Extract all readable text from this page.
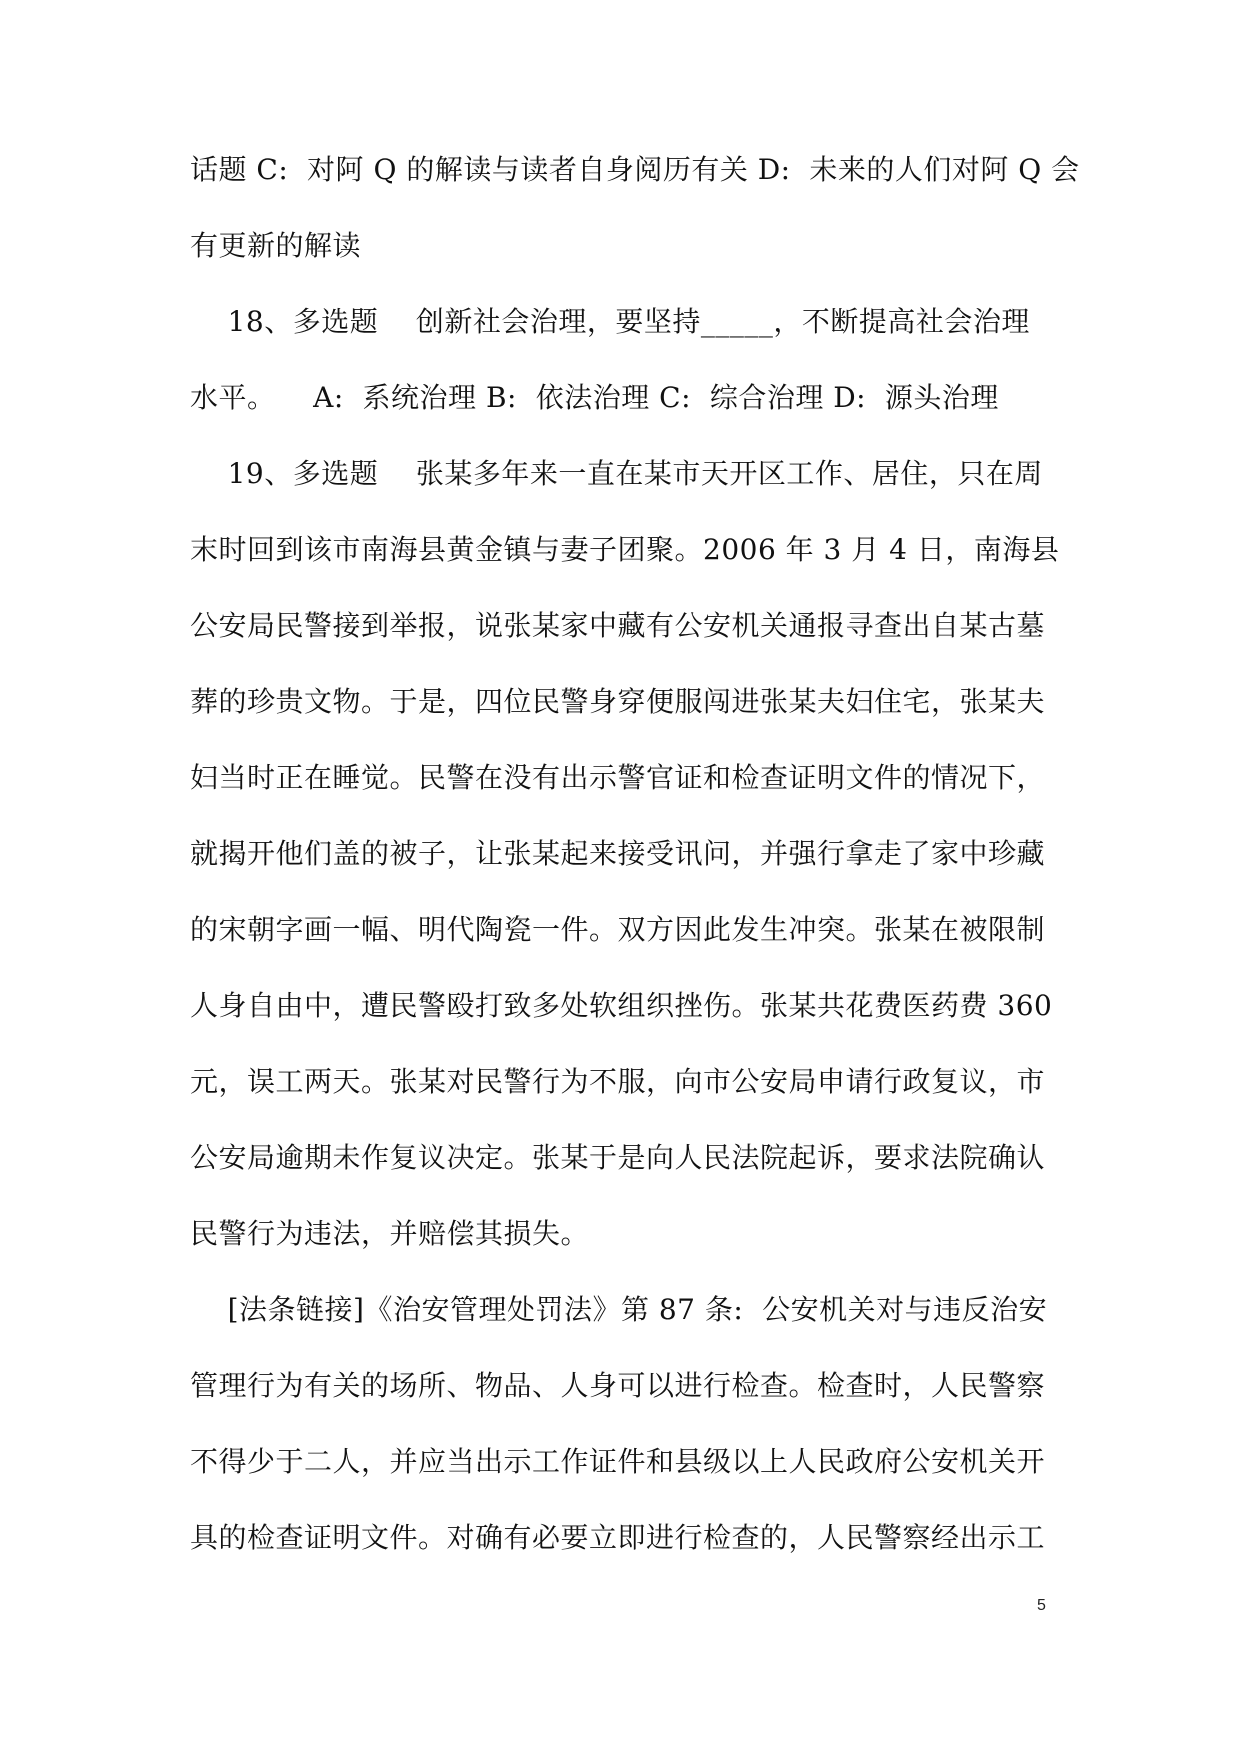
话题 C:  对阿 Q 的解读与读者自身阅历有关 D:  未来的人们对阿 Q 会
有更新的解读
18、多选题    创新社会治理，要坚持_____，不断提高社会治理
水平。    A:  系统治理 B:  依法治理 C:  综合治理 D:  源头治理
19、多选题    张某多年来一直在某市天开区工作、居住，只在周
末时回到该市南海县黄金镇与妻子团聚。2006 年 3 月 4 日，南海县
公安局民警接到举报，说张某家中藏有公安机关通报寻查出自某古墓
葬的珍贵文物。于是，四位民警身穿便服闯进张某夫妇住宅，张某夫
妇当时正在睡觉。民警在没有出示警官证和检查证明文件的情况下，
就揭开他们盖的被子，让张某起来接受讯问，并强行拿走了家中珍藏
的宋朝字画一幅、明代陶瓷一件。双方因此发生冲突。张某在被限制
人身自由中，遭民警殴打致多处软组织挫伤。张某共花费医药费 360
元，误工两天。张某对民警行为不服，向市公安局申请行政复议，市
公安局逾期未作复议决定。张某于是向人民法院起诉，要求法院确认
民警行为违法，并赔偿其损失。
[法条链接]《治安管理处罚法》第 87 条:  公安机关对与违反治安
管理行为有关的场所、物品、人身可以进行检查。检查时，人民警察
不得少于二人，并应当出示工作证件和县级以上人民政府公安机关开
具的检查证明文件。对确有必要立即进行检查的，人民警察经出示工
5
